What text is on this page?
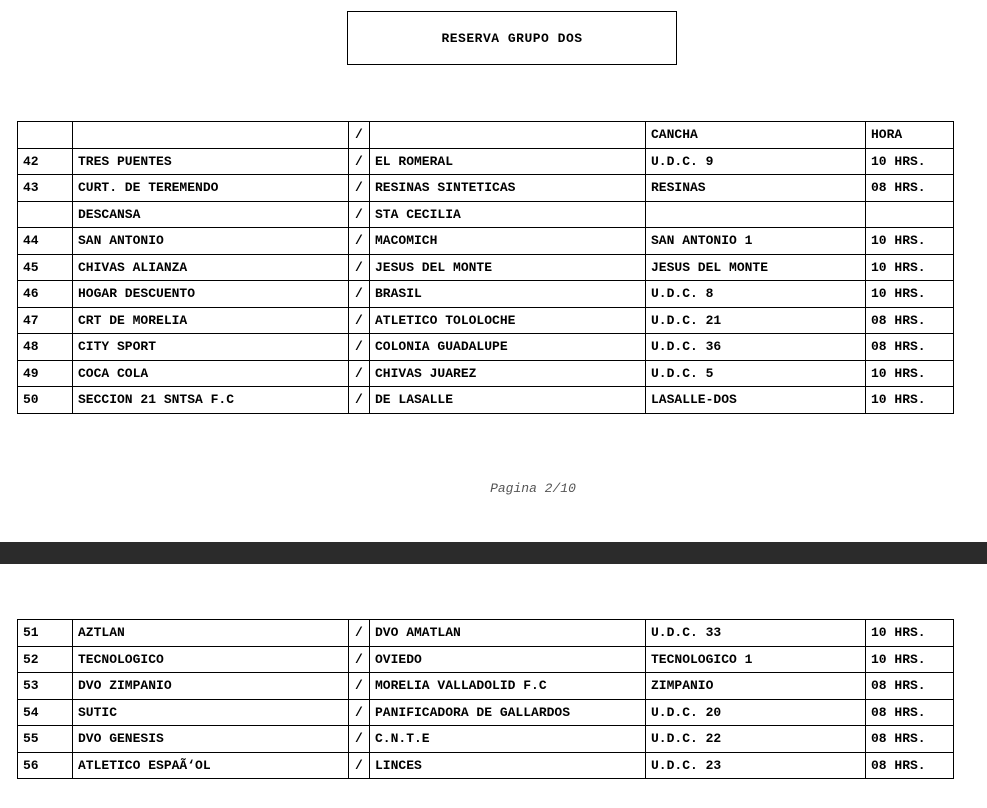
RESERVA GRUPO DOS
		/		CANCHA	HORA
42	TRES PUENTES	/	EL ROMERAL	U.D.C. 9	10 HRS.
43	CURT. DE TEREMENDO	/	RESINAS SINTETICAS	RESINAS	08 HRS.
	DESCANSA	/	STA CECILIA		
44	SAN ANTONIO	/	MACOMICH	SAN ANTONIO 1	10 HRS.
45	CHIVAS ALIANZA	/	JESUS DEL MONTE	JESUS DEL MONTE	10 HRS.
46	HOGAR DESCUENTO	/	BRASIL	U.D.C. 8	10 HRS.
47	CRT DE MORELIA	/	ATLETICO TOLOLOCHE	U.D.C. 21	08 HRS.
48	CITY SPORT	/	COLONIA GUADALUPE	U.D.C. 36	08 HRS.
49	COCA COLA	/	CHIVAS JUAREZ	U.D.C. 5	10 HRS.
50	SECCION 21 SNTSA F.C	/	DE LASALLE	LASALLE-DOS	10 HRS.
Pagina 2/10
51	AZTLAN	/	DVO AMATLAN	U.D.C. 33	10 HRS.
52	TECNOLOGICO	/	OVIEDO	TECNOLOGICO 1	10 HRS.
53	DVO ZIMPANIO	/	MORELIA VALLADOLID F.C	ZIMPANIO	08 HRS.
54	SUTIC	/	PANIFICADORA DE GALLARDOS	U.D.C. 20	08 HRS.
55	DVO GENESIS	/	C.N.T.E	U.D.C. 22	08 HRS.
56	ATLETICO ESPAÃ‘OL	/	LINCES	U.D.C. 23	08 HRS.
